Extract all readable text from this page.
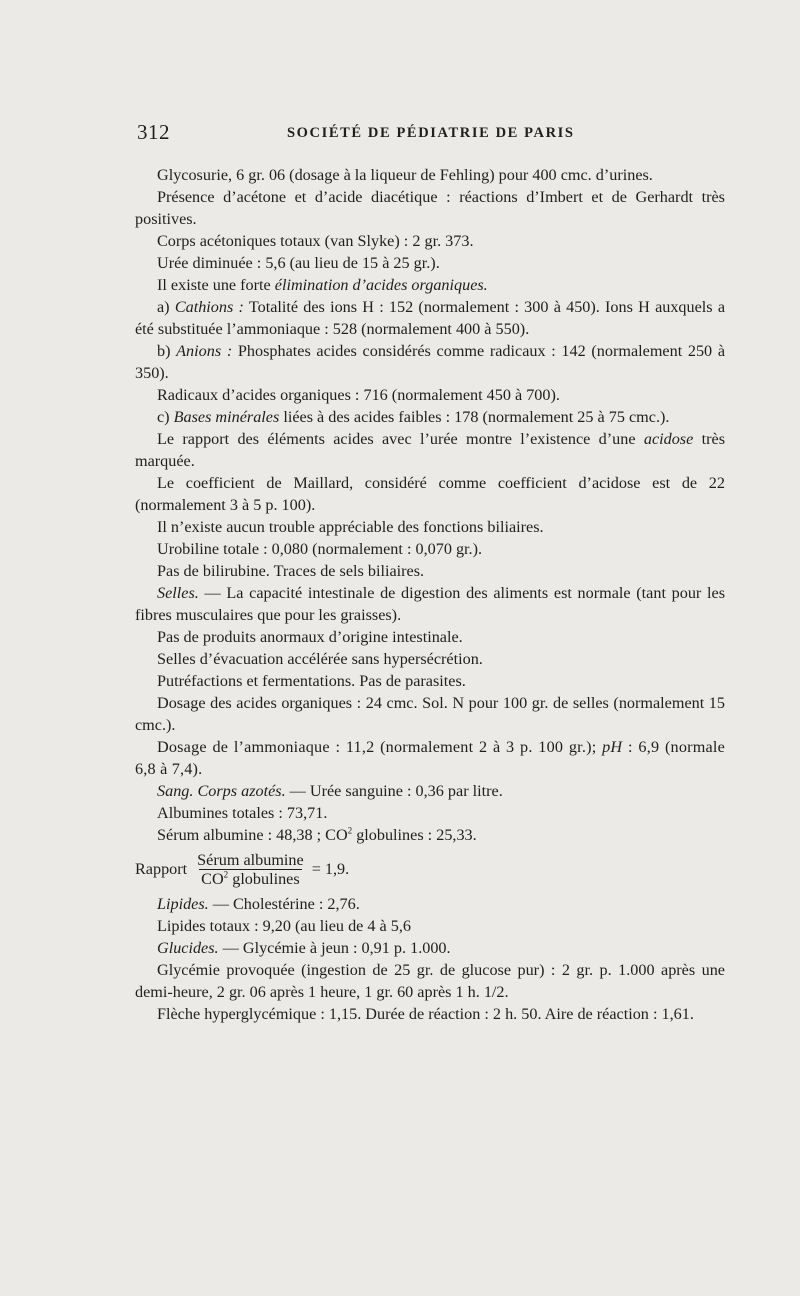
312	SOCIÉTÉ DE PÉDIATRIE DE PARIS

Glycosurie, 6 gr. 06 (dosage à la liqueur de Fehling) pour 400 cmc. d’urines.

Présence d’acétone et d’acide diacétique : réactions d’Imbert et de Gerhardt très positives.

Corps acétoniques totaux (van Slyke) : 2 gr. 373.

Urée diminuée : 5,6 (au lieu de 15 à 25 gr.).

Il existe une forte élimination d’acides organiques.

a) Cathions : Totalité des ions H : 152 (normalement : 300 à 450). Ions H auxquels a été substituée l’ammoniaque : 528 (normalement 400 à 550).

b) Anions : Phosphates acides considérés comme radicaux : 142 (normalement 250 à 350).

Radicaux d’acides organiques : 716 (normalement 450 à 700).

c) Bases minérales liées à des acides faibles : 178 (normalement 25 à 75 cmc.).

Le rapport des éléments acides avec l’urée montre l’existence d’une acidose très marquée.

Le coefficient de Maillard, considéré comme coefficient d’acidose est de 22 (normalement 3 à 5 p. 100).

Il n’existe aucun trouble appréciable des fonctions biliaires.

Urobiline totale : 0,080 (normalement : 0,070 gr.).

Pas de bilirubine. Traces de sels biliaires.

Selles. — La capacité intestinale de digestion des aliments est normale (tant pour les fibres musculaires que pour les graisses).

Pas de produits anormaux d’origine intestinale.

Selles d’évacuation accélérée sans hypersécrétion.

Putréfactions et fermentations. Pas de parasites.

Dosage des acides organiques : 24 cmc. Sol. N pour 100 gr. de selles (normalement 15 cmc.).

Dosage de l’ammoniaque : 11,2 (normalement 2 à 3 p. 100 gr.); pH : 6,9 (normale 6,8 à 7,4).

Sang. Corps azotés. — Urée sanguine : 0,36 par litre.

Albumines totales : 73,71.

Sérum albumine : 48,38 ; $CO^2$ globulines : 25,33.

Rapport $\frac{\text{Sérum albumine}}{CO^2 globulines} = 1,9$.

Lipides. — Cholestérine : 2,76.

Lipides totaux : 9,20 (au lieu de 4 à 5,6

Glucides. — Glycémie à jeun : 0,91 p. 1.000.

Glycémie provoquée (ingestion de 25 gr. de glucose pur) : 2 gr. p. 1.000 après une demi-heure, 2 gr. 06 après 1 heure, 1 gr. 60 après 1 h. 1/2.

Flèche hyperglycémique : 1,15. Durée de réaction : 2 h. 50. Aire de réaction : 1,61.
